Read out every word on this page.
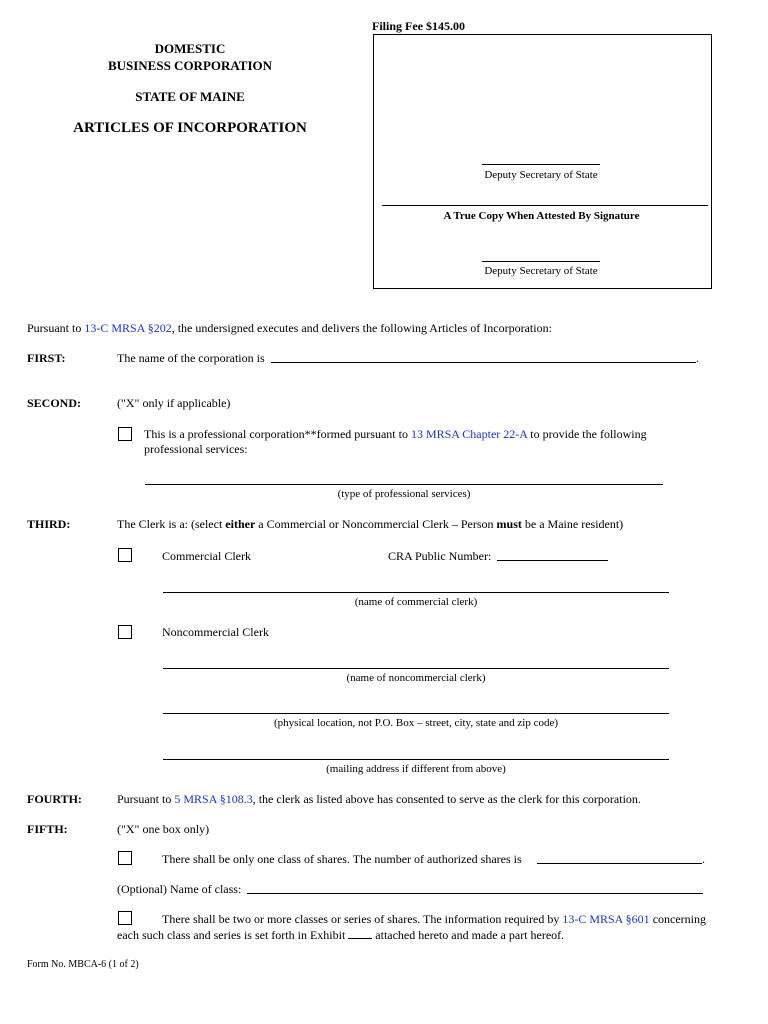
Filing Fee $145.00
DOMESTIC
BUSINESS CORPORATION
STATE OF MAINE
ARTICLES OF INCORPORATION
Deputy Secretary of State
A True Copy When Attested By Signature
Deputy Secretary of State
Pursuant to 13-C MRSA §202, the undersigned executes and delivers the following Articles of Incorporation:
FIRST:	The name of the corporation is	.
SECOND:	("X" only if applicable)
This is a professional corporation**formed pursuant to 13 MRSA Chapter 22-A to provide the following
professional services:
(type of professional services)
THIRD:	The Clerk is a: (select either a Commercial or Noncommercial Clerk – Person must be a Maine resident)
Commercial Clerk	CRA Public Number:
(name of commercial clerk)
Noncommercial Clerk
(name of noncommercial clerk)
(physical location, not P.O. Box – street, city, state and zip code)
(mailing address if different from above)
FOURTH:	Pursuant to 5 MRSA §108.3, the clerk as listed above has consented to serve as the clerk for this corporation.
FIFTH:	("X" one box only)
There shall be only one class of shares. The number of authorized shares is	.
(Optional) Name of class:
There shall be two or more classes or series of shares. The information required by 13-C MRSA §601 concerning
each such class and series is set forth in Exhibit  attached hereto and made a part hereof.
Form No. MBCA-6 (1 of 2)
